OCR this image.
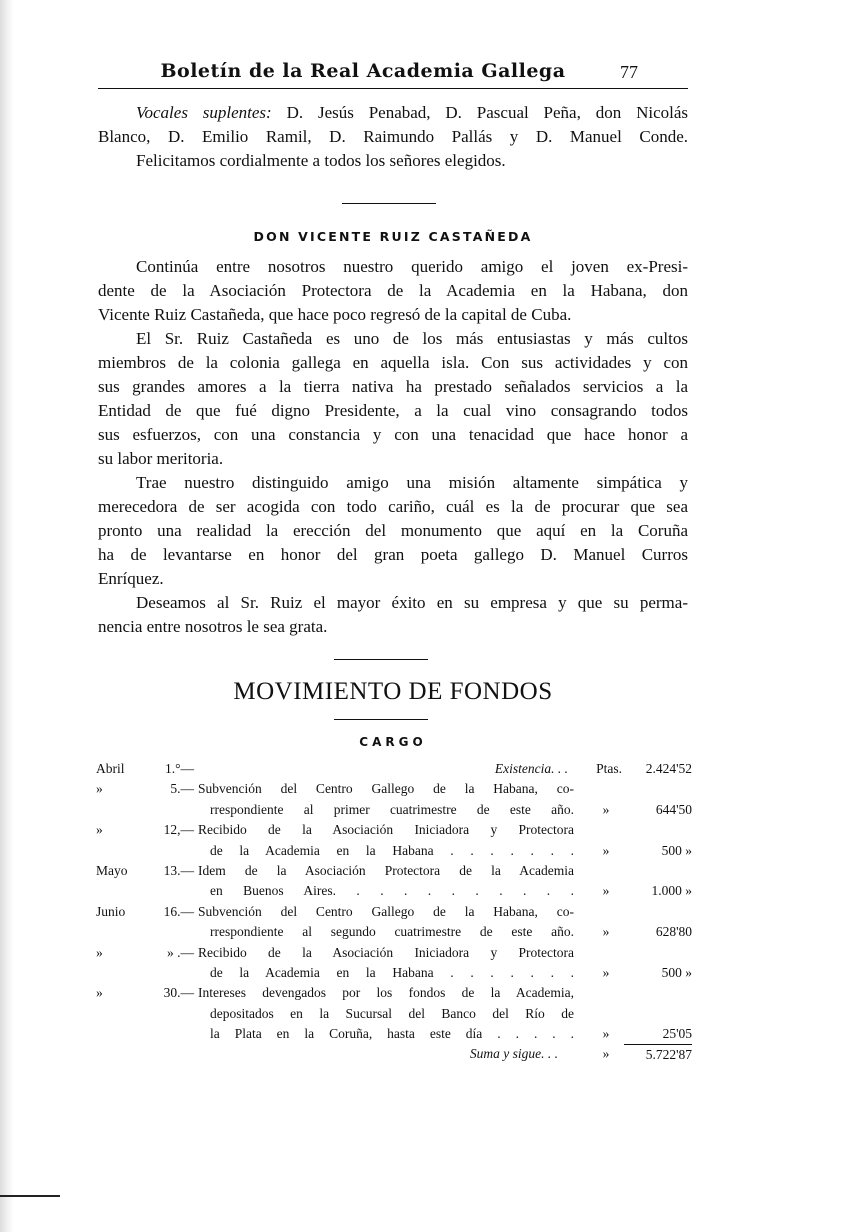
Boletín de la Real Academia Gallega	77
Vocales suplentes: D. Jesús Penabad, D. Pascual Peña, don Nicolás
Blanco, D. Emilio Ramil, D. Raimundo Pallás y D. Manuel Conde.
Felicitamos cordialmente a todos los señores elegidos.
DON VICENTE RUIZ CASTAÑEDA
Continúa entre nosotros nuestro querido amigo el joven ex-Presi-
dente de la Asociación Protectora de la Academia en la Habana, don
Vicente Ruiz Castañeda, que hace poco regresó de la capital de Cuba.
El Sr. Ruiz Castañeda es uno de los más entusiastas y más cultos
miembros de la colonia gallega en aquella isla. Con sus actividades y con
sus grandes amores a la tierra nativa ha prestado señalados servicios a la
Entidad de que fué digno Presidente, a la cual vino consagrando todos
sus esfuerzos, con una constancia y con una tenacidad que hace honor a
su labor meritoria.
Trae nuestro distinguido amigo una misión altamente simpática y
merecedora de ser acogida con todo cariño, cuál es la de procurar que sea
pronto una realidad la erección del monumento que aquí en la Coruña
ha de levantarse en honor del gran poeta gallego D. Manuel Curros
Enríquez.
Deseamos al Sr. Ruiz el mayor éxito en su empresa y que su perma-
nencia entre nosotros le sea grata.
MOVIMIENTO DE FONDOS
CARGO
Abril	1.°—	Existencia. . .	Ptas.	2.424'52
»	5.— Subvención del Centro Gallego de la Habana, co-
rrespondiente al primer cuatrimestre de este año.	»	644'50
»	12,— Recibido de la Asociación Iniciadora y Protectora
de la Academia en la Habana . . . . . . .	»	500 »
Mayo	13.— Idem de la Asociación Protectora de la Academia
en Buenos Aires. . . . . . . . . . .	»	1.000 »
Junio	16.— Subvención del Centro Gallego de la Habana, co-
rrespondiente al segundo cuatrimestre de este año.	»	628'80
»	» .— Recibido de la Asociación Iniciadora y Protectora
de la Academia en la Habana . . . . . . .	»	500 »
»	30.— Intereses devengados por los fondos de la Academia,
depositados en la Sucursal del Banco del Río de
la Plata en la Coruña, hasta este día . . . . .	»	25'05
Suma y sigue. . .	»	5.722'87
